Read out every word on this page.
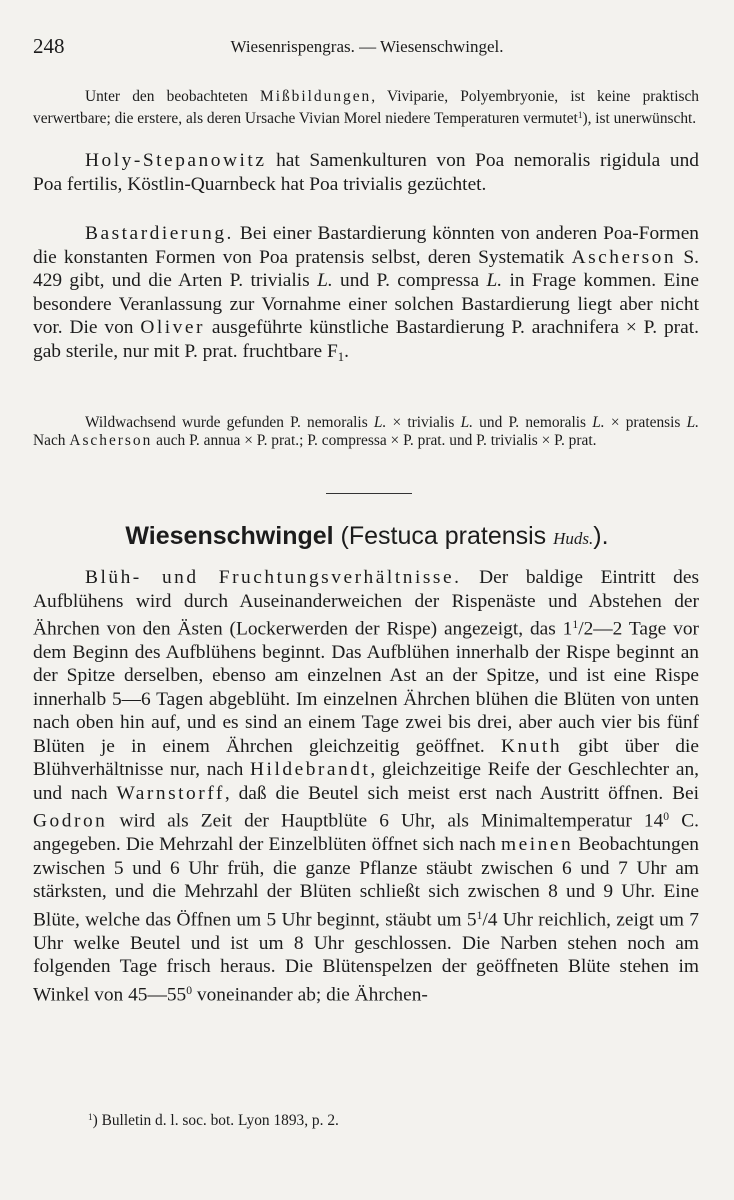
248	Wiesenrispengras. — Wiesenschwingel.

Unter den beobachteten Mißbildungen, Viviparie, Polyembryonie, ist keine praktisch verwertbare; die erstere, als deren Ursache Vivian Morel niedere Temperaturen vermutet$^1$), ist unerwünscht.

Holy-Stepanowitz hat Samenkulturen von Poa nemoralis rigidula und Poa fertilis, Köstlin-Quarnbeck hat Poa trivialis gezüchtet.

Bastardierung. Bei einer Bastardierung könnten von anderen Poa-Formen die konstanten Formen von Poa pratensis selbst, deren Systematik Ascherson S. 429 gibt, und die Arten P. trivialis L. und P. compressa L. in Frage kommen. Eine besondere Veranlassung zur Vornahme einer solchen Bastardierung liegt aber nicht vor. Die von Oliver ausgeführte künstliche Bastardierung P. arachnifera × P. prat. gab sterile, nur mit P. prat. fruchtbare $F_1$.

Wildwachsend wurde gefunden P. nemoralis L. × trivialis L. und P. nemoralis L. × pratensis L. Nach Ascherson auch P. annua × P. prat.; P. compressa × P. prat. und P. trivialis × P. prat.

Wiesenschwingel (Festuca pratensis Huds.).

Blüh- und Fruchtungsverhältnisse. Der baldige Eintritt des Aufblühens wird durch Auseinanderweichen der Rispenäste und Abstehen der Ährchen von den Ästen (Lockerwerden der Rispe) angezeigt, das $1^1/2—2$ Tage vor dem Beginn des Aufblühens beginnt. Das Aufblühen innerhalb der Rispe beginnt an der Spitze derselben, ebenso am einzelnen Ast an der Spitze, und ist eine Rispe innerhalb 5—6 Tagen abgeblüht. Im einzelnen Ährchen blühen die Blüten von unten nach oben hin auf, und es sind an einem Tage zwei bis drei, aber auch vier bis fünf Blüten je in einem Ährchen gleichzeitig geöffnet. Knuth gibt über die Blühverhältnisse nur, nach Hildebrandt, gleichzeitige Reife der Geschlechter an, und nach Warnstorff, daß die Beutel sich meist erst nach Austritt öffnen. Bei Godron wird als Zeit der Hauptblüte 6 Uhr, als Minimaltemperatur $14^0$ C. angegeben. Die Mehrzahl der Einzelblüten öffnet sich nach meinen Beobachtungen zwischen 5 und 6 Uhr früh, die ganze Pflanze stäubt zwischen 6 und 7 Uhr am stärksten, und die Mehrzahl der Blüten schließt sich zwischen 8 und 9 Uhr. Eine Blüte, welche das Öffnen um 5 Uhr beginnt, stäubt um $5^1/4$ Uhr reichlich, zeigt um 7 Uhr welke Beutel und ist um 8 Uhr geschlossen. Die Narben stehen noch am folgenden Tage frisch heraus. Die Blütenspelzen der geöffneten Blüte stehen im Winkel von $45—55^0$ voneinander ab; die Ährchen-

$^1$) Bulletin d. l. soc. bot. Lyon 1893, p. 2.
